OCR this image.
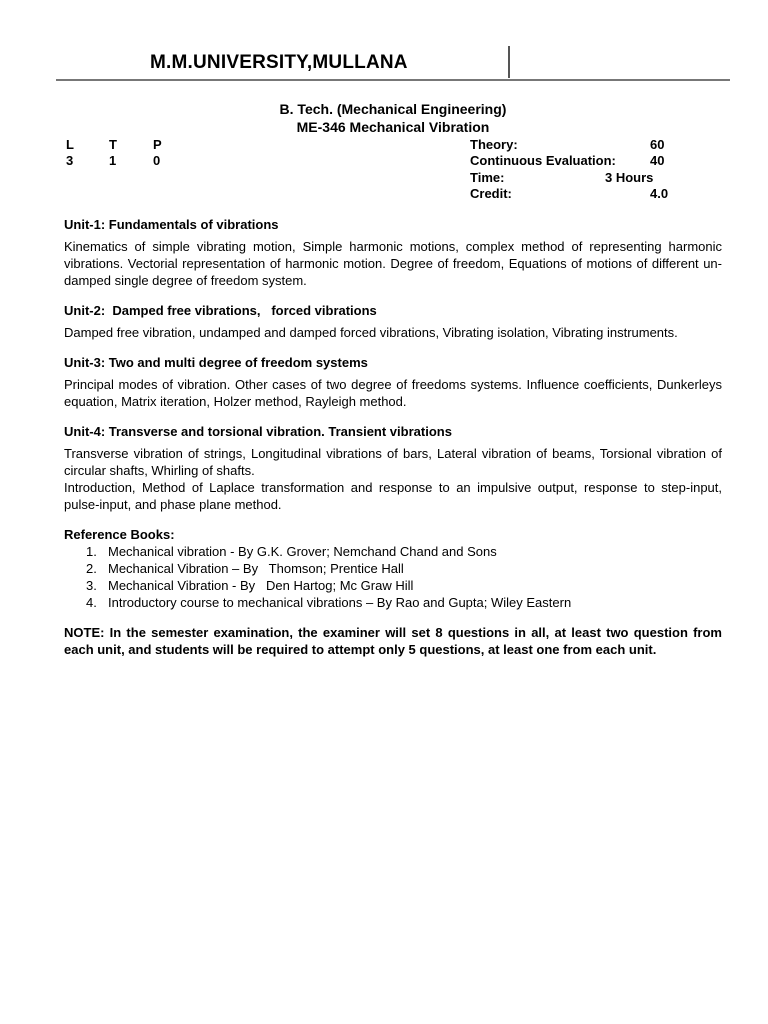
M.M.UNIVERSITY,MULLANA
B. Tech. (Mechanical Engineering)
ME-346 Mechanical Vibration
L	T	P
3	1	0
Theory:	60
Continuous Evaluation:	40
Time:	3 Hours
Credit:	4.0
Unit-1: Fundamentals of vibrations

Kinematics of simple vibrating motion, Simple harmonic motions, complex method of representing harmonic vibrations. Vectorial representation of harmonic motion. Degree of freedom, Equations of motions of different un-damped single degree of freedom system.

Unit-2:  Damped free vibrations,   forced vibrations

Damped free vibration, undamped and damped forced vibrations, Vibrating isolation, Vibrating instruments.

Unit-3: Two and multi degree of freedom systems

Principal modes of vibration. Other cases of two degree of freedoms systems. Influence coefficients, Dunkerleys equation, Matrix iteration, Holzer method, Rayleigh method.

Unit-4: Transverse and torsional vibration. Transient vibrations

Transverse vibration of strings, Longitudinal vibrations of bars, Lateral vibration of beams, Torsional vibration of circular shafts, Whirling of shafts.

Introduction, Method of Laplace transformation and response to an impulsive output, response to step-input, pulse-input, and phase plane method.

Reference Books:
1. Mechanical vibration - By G.K. Grover; Nemchand Chand and Sons
2. Mechanical Vibration – By   Thomson; Prentice Hall
3. Mechanical Vibration - By   Den Hartog; Mc Graw Hill
4. Introductory course to mechanical vibrations – By Rao and Gupta; Wiley Eastern

NOTE: In the semester examination, the examiner will set 8 questions in all, at least two question from each unit, and students will be required to attempt only 5 questions, at least one from each unit.
